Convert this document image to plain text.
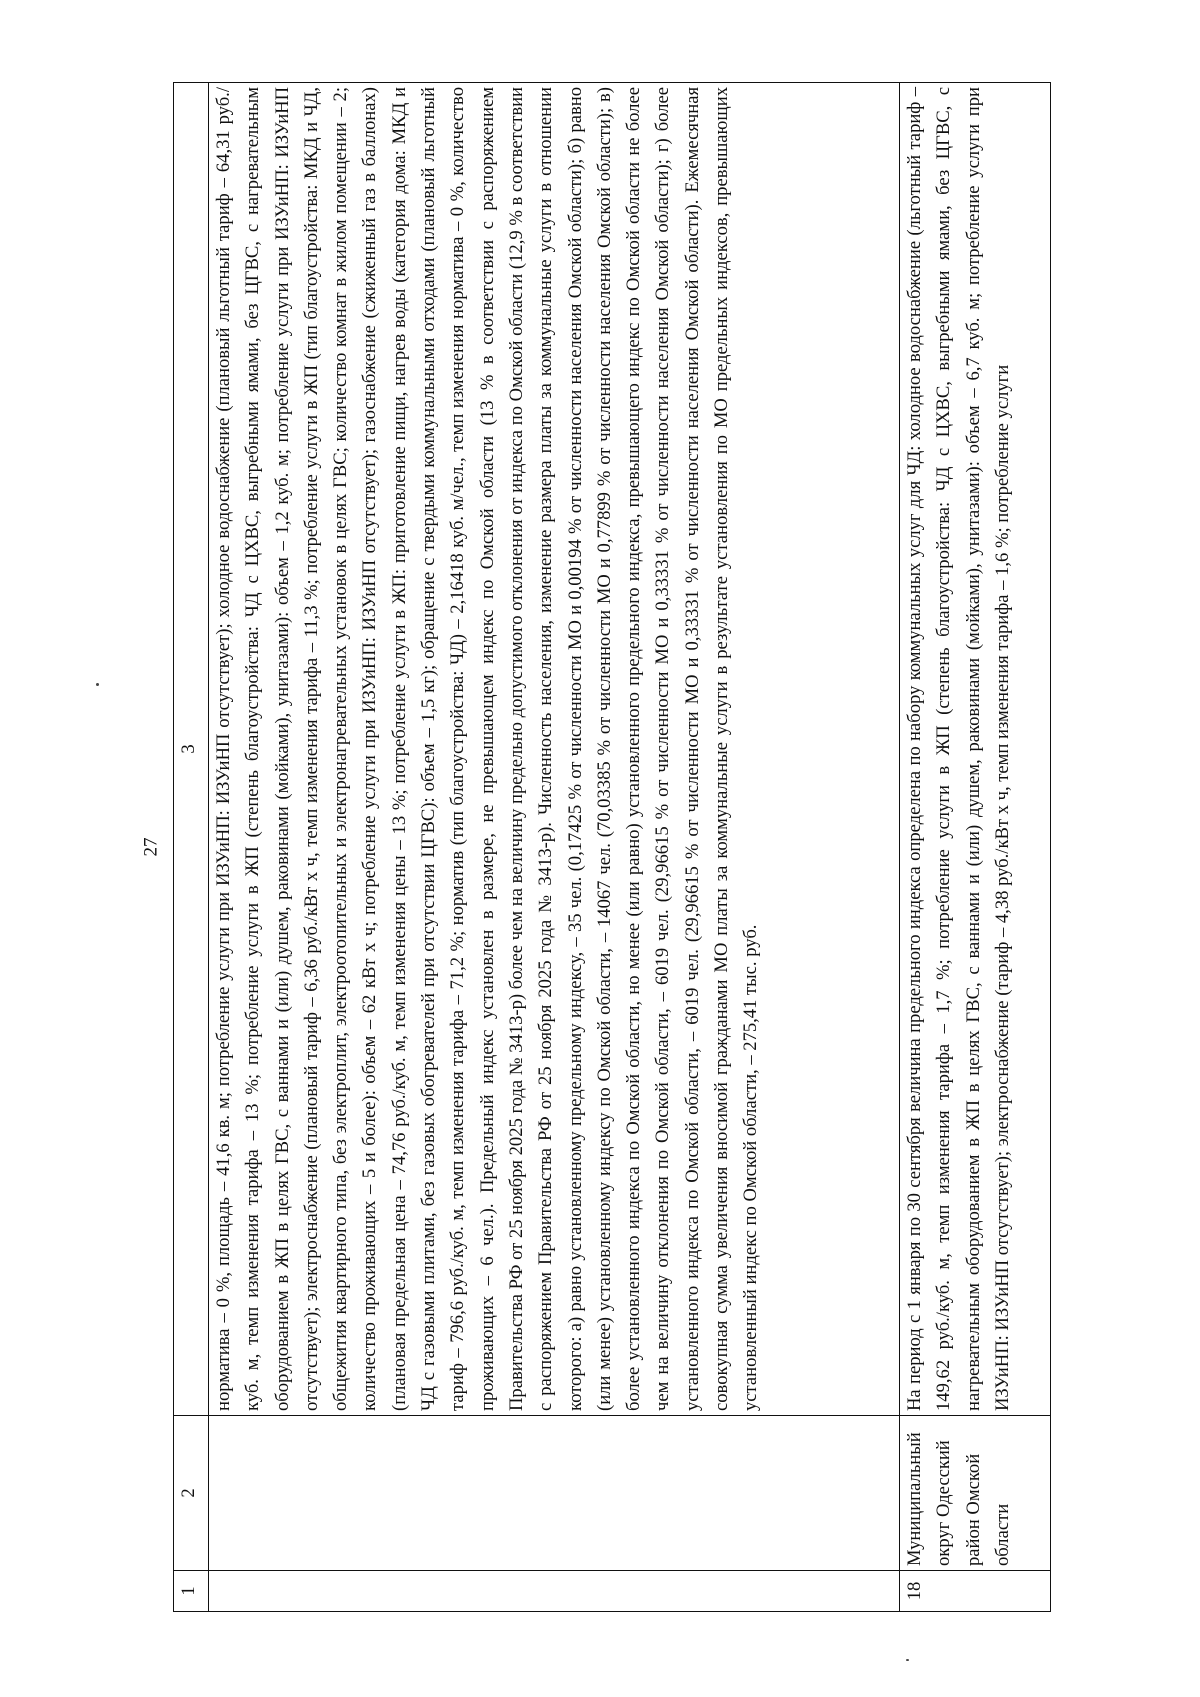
27
1	2	3

		норматива – 0 %, площадь – 41,6 кв. м; потребление услуги при ИЗУиНП: ИЗУиНП отсутствует); холодное водоснабжение (плановый льготный тариф – 64,31 руб./куб. м, темп изменения тарифа – 13 %; потребление услуги в ЖП (степень благоустройства: ЧД с ЦХВС, выгребными ямами, без ЦГВС, с нагревательным оборудованием в ЖП в целях ГВС, с ваннами и (или) душем, раковинами (мойками), унитазами): объем – 1,2 куб. м; потребление услуги при ИЗУиНП: ИЗУиНП отсутствует); электроснабжение (плановый тариф – 6,36 руб./кВт х ч, темп изменения тарифа – 11,3 %; потребление услуги в ЖП (тип благоустройства: МКД и ЧД, общежития квартирного типа, без электроплит, электроотопительных и электронагревательных установок в целях ГВС; количество комнат в жилом помещении – 2; количество проживающих – 5 и более): объем – 62 кВт х ч; потребление услуги при ИЗУиНП: ИЗУиНП отсутствует); газоснабжение (сжиженный газ в баллонах) (плановая предельная цена – 74,76 руб./куб. м, темп изменения цены – 13 %; потребление услуги в ЖП: приготовление пищи, нагрев воды (категория дома: МКД и ЧД с газовыми плитами, без газовых обогревателей при отсутствии ЦГВС): объем – 1,5 кг); обращение с твердыми коммунальными отходами (плановый льготный тариф – 796,6 руб./куб. м, темп изменения тарифа – 71,2 %; норматив (тип благоустройства: ЧД) – 2,16418 куб. м/чел., темп изменения норматива – 0 %, количество проживающих – 6 чел.). Предельный индекс установлен в размере, не превышающем индекс по Омской области (13 % в соответствии с распоряжением Правительства РФ от 25 ноября 2025 года № 3413-р) более чем на величину предельно допустимого отклонения от индекса по Омской области (12,9 % в соответствии с распоряжением Правительства РФ от 25 ноября 2025 года № 3413-р). Численность населения, изменение размера платы за коммунальные услуги в отношении которого: а) равно установленному предельному индексу, – 35 чел. (0,17425 % от численности МО и 0,00194 % от численности населения Омской области); б) равно (или менее) установленному индексу по Омской области, – 14067 чел. (70,03385 % от численности МО и 0,77899 % от численности населения Омской области); в) более установленного индекса по Омской области, но менее (или равно) установленного предельного индекса, превышающего индекс по Омской области не более чем на величину отклонения по Омской области, – 6019 чел. (29,96615 % от численности МО и 0,33331 % от численности населения Омской области); г) более установленного индекса по Омской области, – 6019 чел. (29,96615 % от численности МО и 0,33331 % от численности населения Омской области). Ежемесячная совокупная сумма увеличения вносимой гражданами МО платы за коммунальные услуги в результате установления по МО предельных индексов, превышающих установленный индекс по Омской области, – 275,41 тыс. руб.

18	Муниципальный округ Одесский район Омской области	На период с 1 января по 30 сентября величина предельного индекса определена по набору коммунальных услуг для ЧД: холодное водоснабжение (льготный тариф – 149,62 руб./куб. м, темп изменения тарифа – 1,7 %; потребление услуги в ЖП (степень благоустройства: ЧД с ЦХВС, выгребными ямами, без ЦГВС, с нагревательным оборудованием в ЖП в целях ГВС, с ваннами и (или) душем, раковинами (мойками), унитазами): объем – 6,7 куб. м; потребление услуги при ИЗУиНП: ИЗУиНП отсутствует); электроснабжение (тариф – 4,38 руб./кВт х ч, темп изменения тарифа – 1,6 %; потребление услуги
